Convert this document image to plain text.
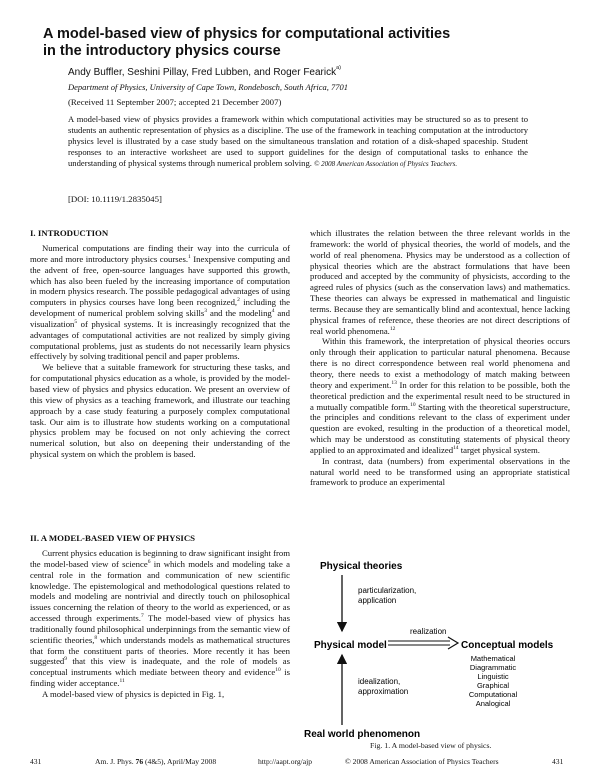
A model-based view of physics for computational activities
in the introductory physics course
Andy Buffler, Seshini Pillay, Fred Lubben, and Roger Fearick$^{a)}$
Department of Physics, University of Cape Town, Rondebosch, South Africa, 7701
(Received 11 September 2007; accepted 21 December 2007)
A model-based view of physics provides a framework within which computational activities may be structured so as to present to students an authentic representation of physics as a discipline. The use of the framework in teaching computation at the introductory physics level is illustrated by a case study based on the simultaneous translation and rotation of a disk-shaped spaceship. Student responses to an interactive worksheet are used to support guidelines for the design of computational tasks to enhance the understanding of physical systems through numerical problem solving. © 2008 American Association of Physics Teachers.
[DOI: 10.1119/1.2835045]
I. INTRODUCTION

Numerical computations are finding their way into the curricula of more and more introductory physics courses.$^1$ Inexpensive computing and the advent of free, open-source languages have supported this growth, which has also been fueled by the increasing importance of computation in modern physics research. The possible pedagogical advantages of using computers in physics courses have long been recognized,$^2$ including the development of numerical problem solving skills$^3$ and the modeling$^4$ and visualization$^5$ of physical systems. It is increasingly recognized that the advantages of computational activities are not realized by simply giving computational problems, just as students do not necessarily learn physics effectively by solving traditional pencil and paper problems.

We believe that a suitable framework for structuring these tasks, and for computational physics education as a whole, is provided by the model-based view of physics and physics education. We present an overview of this view of physics as a teaching framework, and illustrate our teaching approach by a case study featuring a purposely complex computational task. Our aim is to illustrate how students working on a computational physics problem may be focused on not only achieving the correct numerical solution, but also on deepening their understanding of the physical system on which the problem is based.

II. A MODEL-BASED VIEW OF PHYSICS

Current physics education is beginning to draw significant insight from the model-based view of science$^6$ in which models and modeling take a central role in the formation and communication of new scientific knowledge. The epistemological and methodological questions related to models and modeling are nontrivial and directly touch on philosophical issues concerning the relation of theory to the world as experienced, or as accessed through experiments.$^7$ The model-based view of physics has traditionally found philosophical underpinnings from the semantic view of scientific theories,$^8$ which understands models as mathematical structures that form the constituent parts of theories. More recently it has been suggested$^9$ that this view is inadequate, and the role of models as conceptual instruments which mediate between theory and evidence$^{10}$ is finding wider acceptance.$^{11}$

A model-based view of physics is depicted in Fig. 1,

which illustrates the relation between the three relevant worlds in the framework: the world of physical theories, the world of models, and the world of real phenomena. Physics may be understood as a collection of physical theories which are the abstract formulations that have been produced and accepted by the community of physicists, according to the agreed rules of physics (such as the conservation laws) and mathematics. These theories can always be expressed in mathematical and linguistic terms. Because they are semantically blind and acontextual, hence lacking physical frames of reference, these theories are not direct descriptions of real world phenomena.$^{12}$

Within this framework, the interpretation of physical theories occurs only through their application to particular natural phenomena. Because there is no direct correspondence between real world phenomena and theory, there needs to exist a methodology of match making between theory and experiment.$^{13}$ In order for this relation to be possible, both the theoretical prediction and the experimental result need to be structured in a mutually compatible form.$^{10}$ Starting with the theoretical superstructure, the principles and conditions relevant to the class of experiment under question are evoked, resulting in the production of a theoretical model, which may be understood as constituting statements of physical theory applied to an approximated and idealized$^{14}$ target physical system.

In contrast, data (numbers) from experimental observations in the natural world need to be transformed using an appropriate statistical framework to produce an experimental

Physical theories
particularization,
application
Physical model
realization
Conceptual models
Mathematical
Diagrammatic
Linguistic
Graphical
Computational
Analogical
idealization,
approximation
Real world phenomenon
Fig. 1. A model-based view of physics.
431	Am. J. Phys. 76 (4&5), April/May 2008	http://aapt.org/ajp	© 2008 American Association of Physics Teachers	431
